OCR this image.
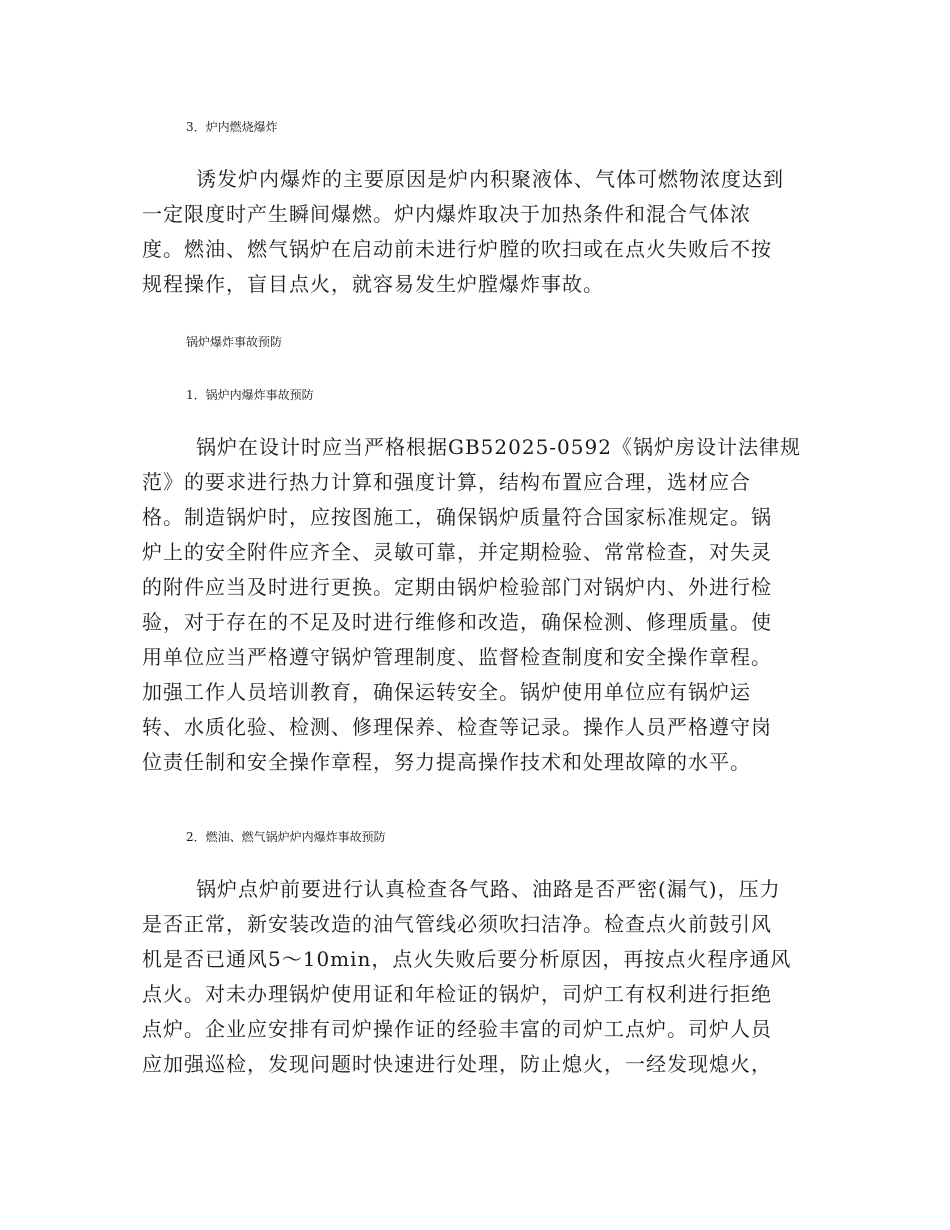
3．炉内燃烧爆炸
诱发炉内爆炸的主要原因是炉内积聚液体、气体可燃物浓度达到
一定限度时产生瞬间爆燃。炉内爆炸取决于加热条件和混合气体浓
度。燃油、燃气锅炉在启动前未进行炉膛的吹扫或在点火失败后不按
规程操作，盲目点火，就容易发生炉膛爆炸事故。
锅炉爆炸事故预防
1．锅炉内爆炸事故预防
锅炉在设计时应当严格根据GB52025-0592《锅炉房设计法律规
范》的要求进行热力计算和强度计算，结构布置应合理，选材应合
格。制造锅炉时，应按图施工，确保锅炉质量符合国家标准规定。锅
炉上的安全附件应齐全、灵敏可靠，并定期检验、常常检查，对失灵
的附件应当及时进行更换。定期由锅炉检验部门对锅炉内、外进行检
验，对于存在的不足及时进行维修和改造，确保检测、修理质量。使
用单位应当严格遵守锅炉管理制度、监督检查制度和安全操作章程。
加强工作人员培训教育，确保运转安全。锅炉使用单位应有锅炉运
转、水质化验、检测、修理保养、检查等记录。操作人员严格遵守岗
位责任制和安全操作章程，努力提高操作技术和处理故障的水平。
2．燃油、燃气锅炉炉内爆炸事故预防
锅炉点炉前要进行认真检查各气路、油路是否严密(漏气)，压力
是否正常，新安装改造的油气管线必须吹扫洁净。检查点火前鼓引风
机是否已通风5～10min，点火失败后要分析原因，再按点火程序通风
点火。对未办理锅炉使用证和年检证的锅炉，司炉工有权利进行拒绝
点炉。企业应安排有司炉操作证的经验丰富的司炉工点炉。司炉人员
应加强巡检，发现问题时快速进行处理，防止熄火，一经发现熄火，
